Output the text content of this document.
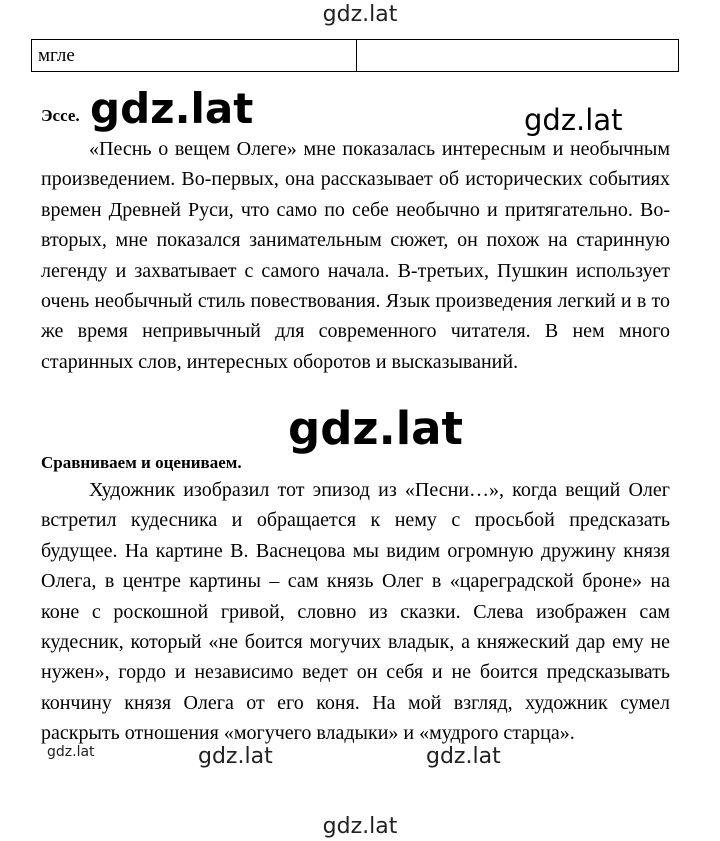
gdz.lat
мгле	
Эссе.

«Песнь о вещем Олеге» мне показалась интересным и необычным произведением. Во-первых, она рассказывает об исторических событиях времен Древней Руси, что само по себе необычно и притягательно. Во-вторых, мне показался занимательным сюжет, он похож на старинную легенду и захватывает с самого начала. В-третьих, Пушкин использует очень необычный стиль повествования. Язык произведения легкий и в то же время непривычный для современного читателя. В нем много старинных слов, интересных оборотов и высказываний.

Сравниваем и оцениваем.

Художник изобразил тот эпизод из «Песни…», когда вещий Олег встретил кудесника и обращается к нему с просьбой предсказать будущее. На картине В. Васнецова мы видим огромную дружину князя Олега, в центре картины – сам князь Олег в «цареградской броне» на коне с роскошной гривой, словно из сказки. Слева изображен сам кудесник, который «не боится могучих владык, а княжеский дар ему не нужен», гордо и независимо ведет он себя и не боится предсказывать кончину князя Олега от его коня. На мой взгляд, художник сумел раскрыть отношения «могучего владыки» и «мудрого старца».

gdz.lat	gdz.lat
gdz.lat
gdz.lat	gdz.lat	gdz.lat
gdz.lat
